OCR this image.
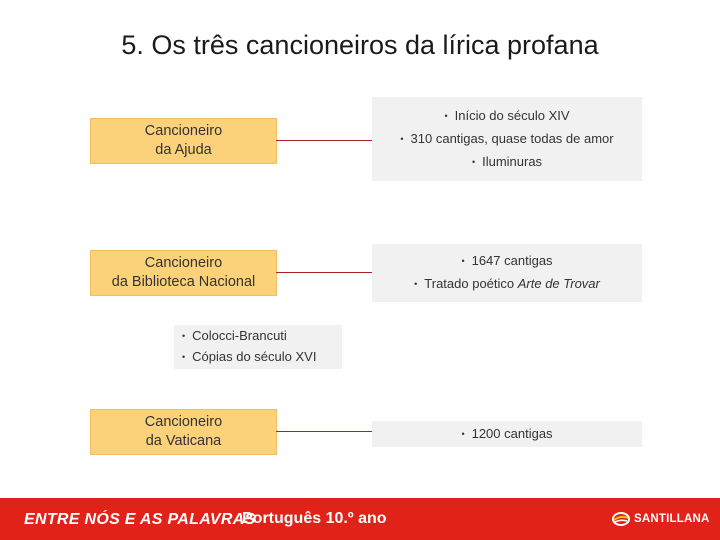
5. Os três cancioneiros da lírica profana
Cancioneiro
da Ajuda
• Início do século XIV
• 310 cantigas, quase todas de amor
• Iluminuras
Cancioneiro
da Biblioteca Nacional
• 1647 cantigas
• Tratado poético Arte de Trovar
• Colocci-Brancuti
• Cópias do século XVI
Cancioneiro
da Vaticana	• 1200 cantigas
ENTRE NÓS E AS PALAVRAS
Português 10.º ano	SANTILLANA
